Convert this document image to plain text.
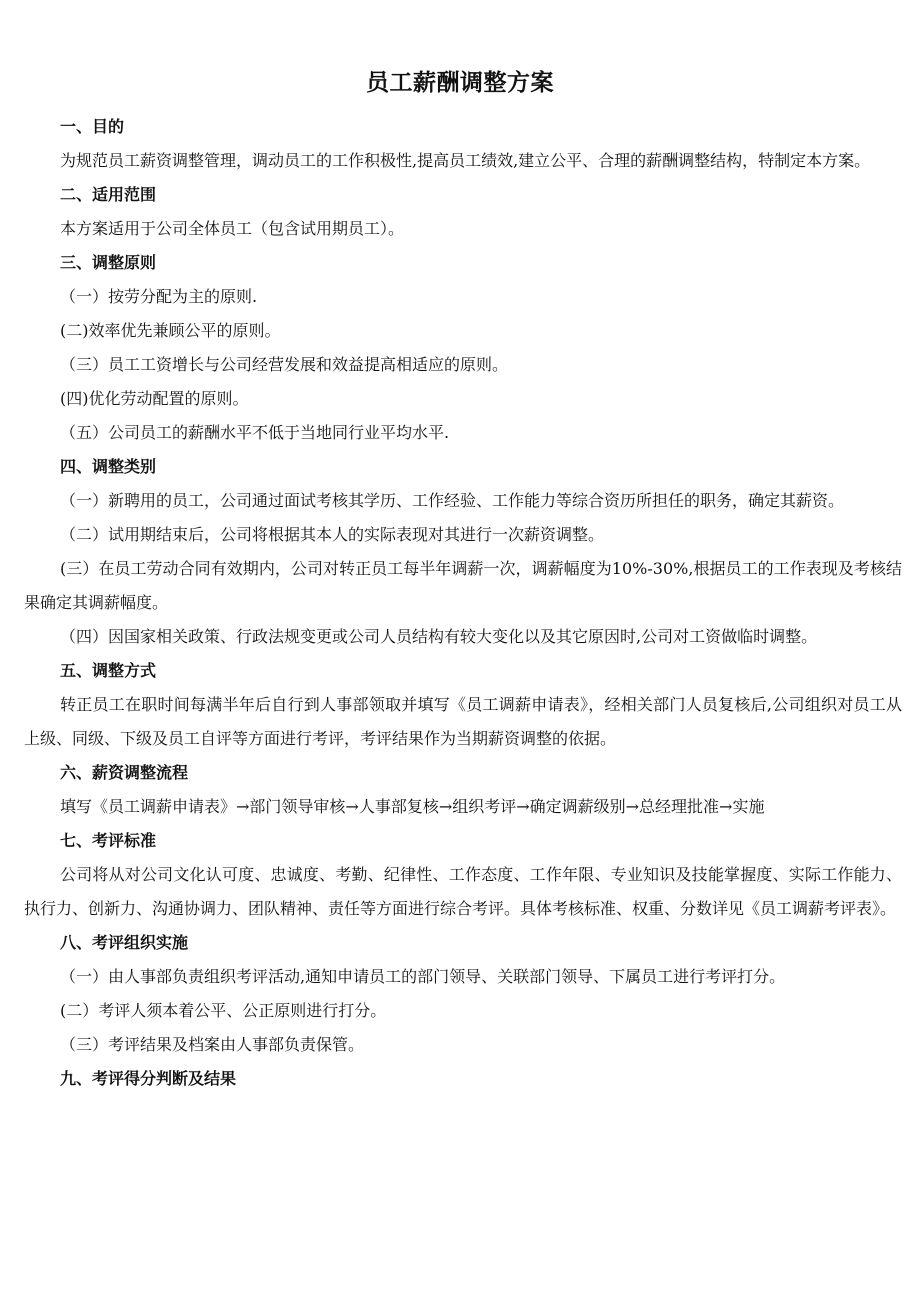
员工薪酬调整方案
一、目的

为规范员工薪资调整管理，调动员工的工作积极性,提高员工绩效,建立公平、合理的薪酬调整结构，特制定本方案。

二、适用范围

本方案适用于公司全体员工（包含试用期员工）。

三、调整原则

（一）按劳分配为主的原则.

(二)效率优先兼顾公平的原则。

（三）员工工资增长与公司经营发展和效益提高相适应的原则。

(四)优化劳动配置的原则。

（五）公司员工的薪酬水平不低于当地同行业平均水平.

四、调整类别

（一）新聘用的员工，公司通过面试考核其学历、工作经验、工作能力等综合资历所担任的职务，确定其薪资。

（二）试用期结束后，公司将根据其本人的实际表现对其进行一次薪资调整。

(三）在员工劳动合同有效期内，公司对转正员工每半年调薪一次，调薪幅度为10%-30%,根据员工的工作表现及考核结果确定其调薪幅度。

（四）因国家相关政策、行政法规变更或公司人员结构有较大变化以及其它原因时,公司对工资做临时调整。

五、调整方式

转正员工在职时间每满半年后自行到人事部领取并填写《员工调薪申请表》，经相关部门人员复核后,公司组织对员工从上级、同级、下级及员工自评等方面进行考评，考评结果作为当期薪资调整的依据。

六、薪资调整流程

填写《员工调薪申请表》→部门领导审核→人事部复核→组织考评→确定调薪级别→总经理批准→实施

七、考评标准

公司将从对公司文化认可度、忠诚度、考勤、纪律性、工作态度、工作年限、专业知识及技能掌握度、实际工作能力、执行力、创新力、沟通协调力、团队精神、责任等方面进行综合考评。具体考核标准、权重、分数详见《员工调薪考评表》。

八、考评组织实施

（一）由人事部负责组织考评活动,通知申请员工的部门领导、关联部门领导、下属员工进行考评打分。

(二）考评人须本着公平、公正原则进行打分。

（三）考评结果及档案由人事部负责保管。

九、考评得分判断及结果
